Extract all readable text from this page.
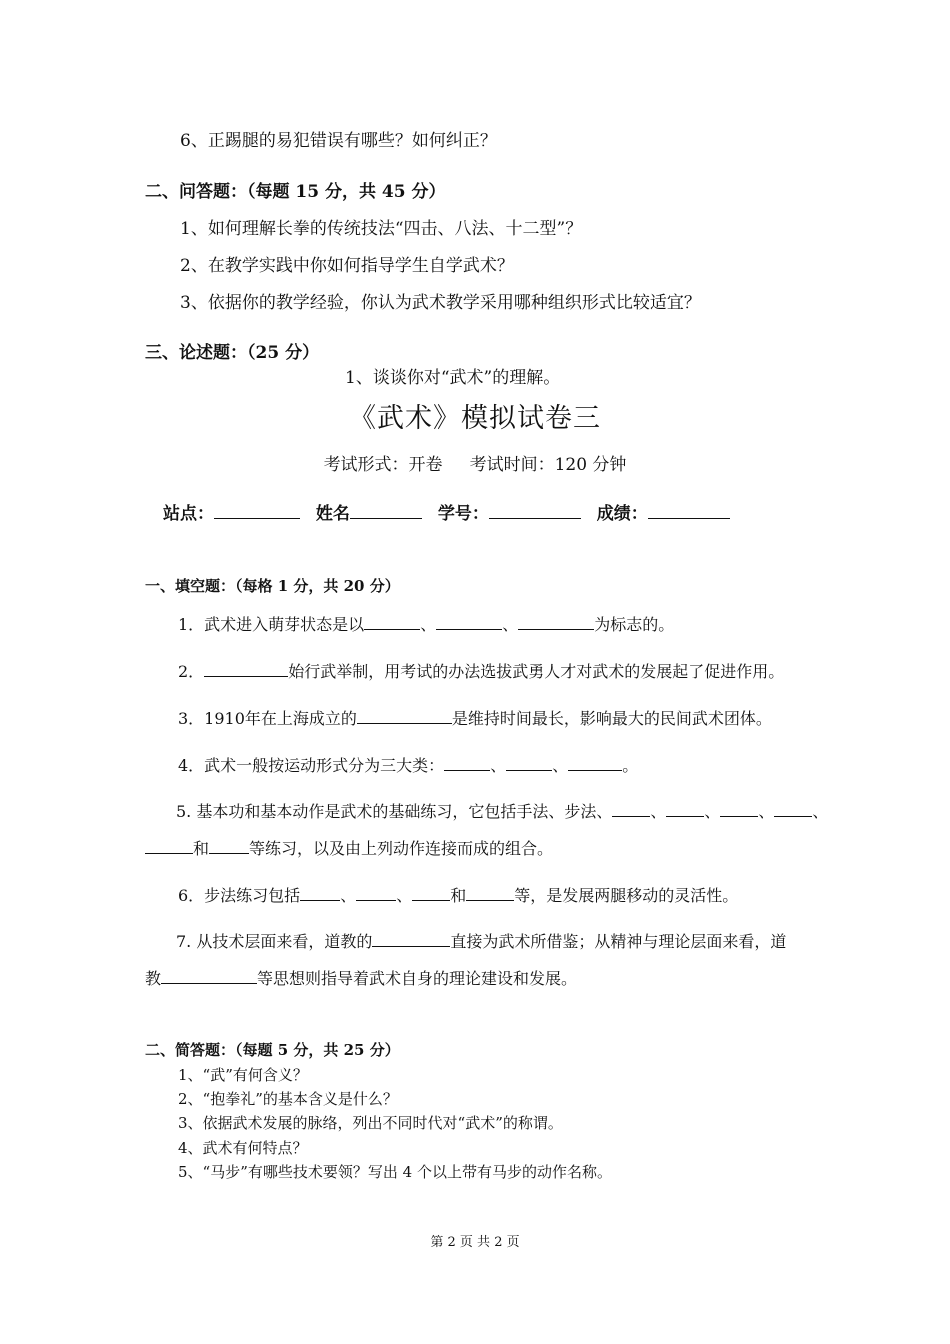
6、正踢腿的易犯错误有哪些？如何纠正？
二、问答题：（每题 15 分，共 45 分）
1、如何理解长拳的传统技法“四击、八法、十二型”？
2、在教学实践中你如何指导学生自学武术？
3、依据你的教学经验，你认为武术教学采用哪种组织形式比较适宜？
三、论述题：（25 分）
1、谈谈你对“武术”的理解。
《武术》模拟试卷三
考试形式：开卷     考试时间：120 分钟
站点：	姓名	学号：	成绩：
一、填空题：（每格 1 分，共 20 分）
1．武术进入萌芽状态是以	、	、	为标志的。
2．	始行武举制，用考试的办法选拔武勇人才对武术的发展起了促进作用。
3．1910年在上海成立的	是维持时间最长，影响最大的民间武术团体。
4．武术一般按运动形式分为三大类：	、	、	。
5. 基本功和基本动作是武术的基础练习，它包括手法、步法、 、 、 、 、
和	等练习，以及由上列动作连接而成的组合。
6．步法练习包括	、	、 和	等，是发展两腿移动的灵活性。
7. 从技术层面来看，道教的	直接为武术所借鉴；从精神与理论层面来看，道
教	等思想则指导着武术自身的理论建设和发展。
二、简答题：（每题 5 分，共 25 分）
1、“武”有何含义？
2、“抱拳礼”的基本含义是什么？
3、依据武术发展的脉络，列出不同时代对“武术”的称谓。
4、武术有何特点？
5、“马步”有哪些技术要领？写出 4 个以上带有马步的动作名称。
第 2 页 共 2 页
